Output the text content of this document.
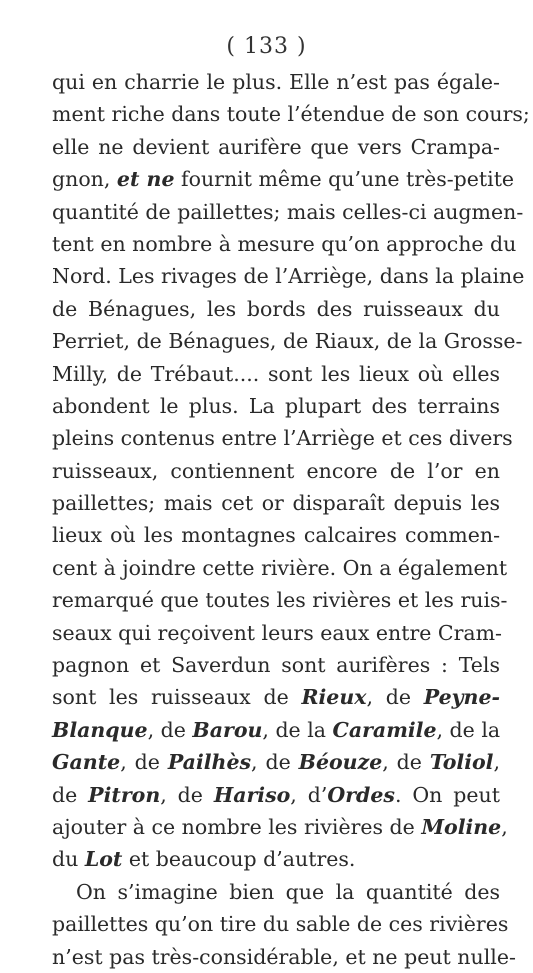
( 133 )
qui en charrie le plus. Elle n’est pas égale-
ment riche dans toute l’étendue de son cours;
elle ne devient aurifère que vers Crampa-
gnon, et ne fournit même qu’une très-petite
quantité de paillettes; mais celles-ci augmen-
tent en nombre à mesure qu’on approche du
Nord. Les rivages de l’Arriège, dans la plaine
de Bénagues, les bords des ruisseaux du
Perriet, de Bénagues, de Riaux, de la Grosse-
Milly, de Trébaut.... sont les lieux où elles
abondent le plus. La plupart des terrains
pleins contenus entre l’Arriège et ces divers
ruisseaux, contiennent encore de l’or en
paillettes; mais cet or disparaît depuis les
lieux où les montagnes calcaires commen-
cent à joindre cette rivière. On a également
remarqué que toutes les rivières et les ruis-
seaux qui reçoivent leurs eaux entre Cram-
pagnon et Saverdun sont aurifères : Tels
sont les ruisseaux de Rieux, de Peyne-
Blanque, de Barou, de la Caramile, de la
Gante, de Pailhès, de Béouze, de Toliol,
de Pitron, de Hariso, d’Ordes. On peut
ajouter à ce nombre les rivières de Moline,
du Lot et beaucoup d’autres.
On s’imagine bien que la quantité des
paillettes qu’on tire du sable de ces rivières
n’est pas très-considérable, et ne peut nulle-
